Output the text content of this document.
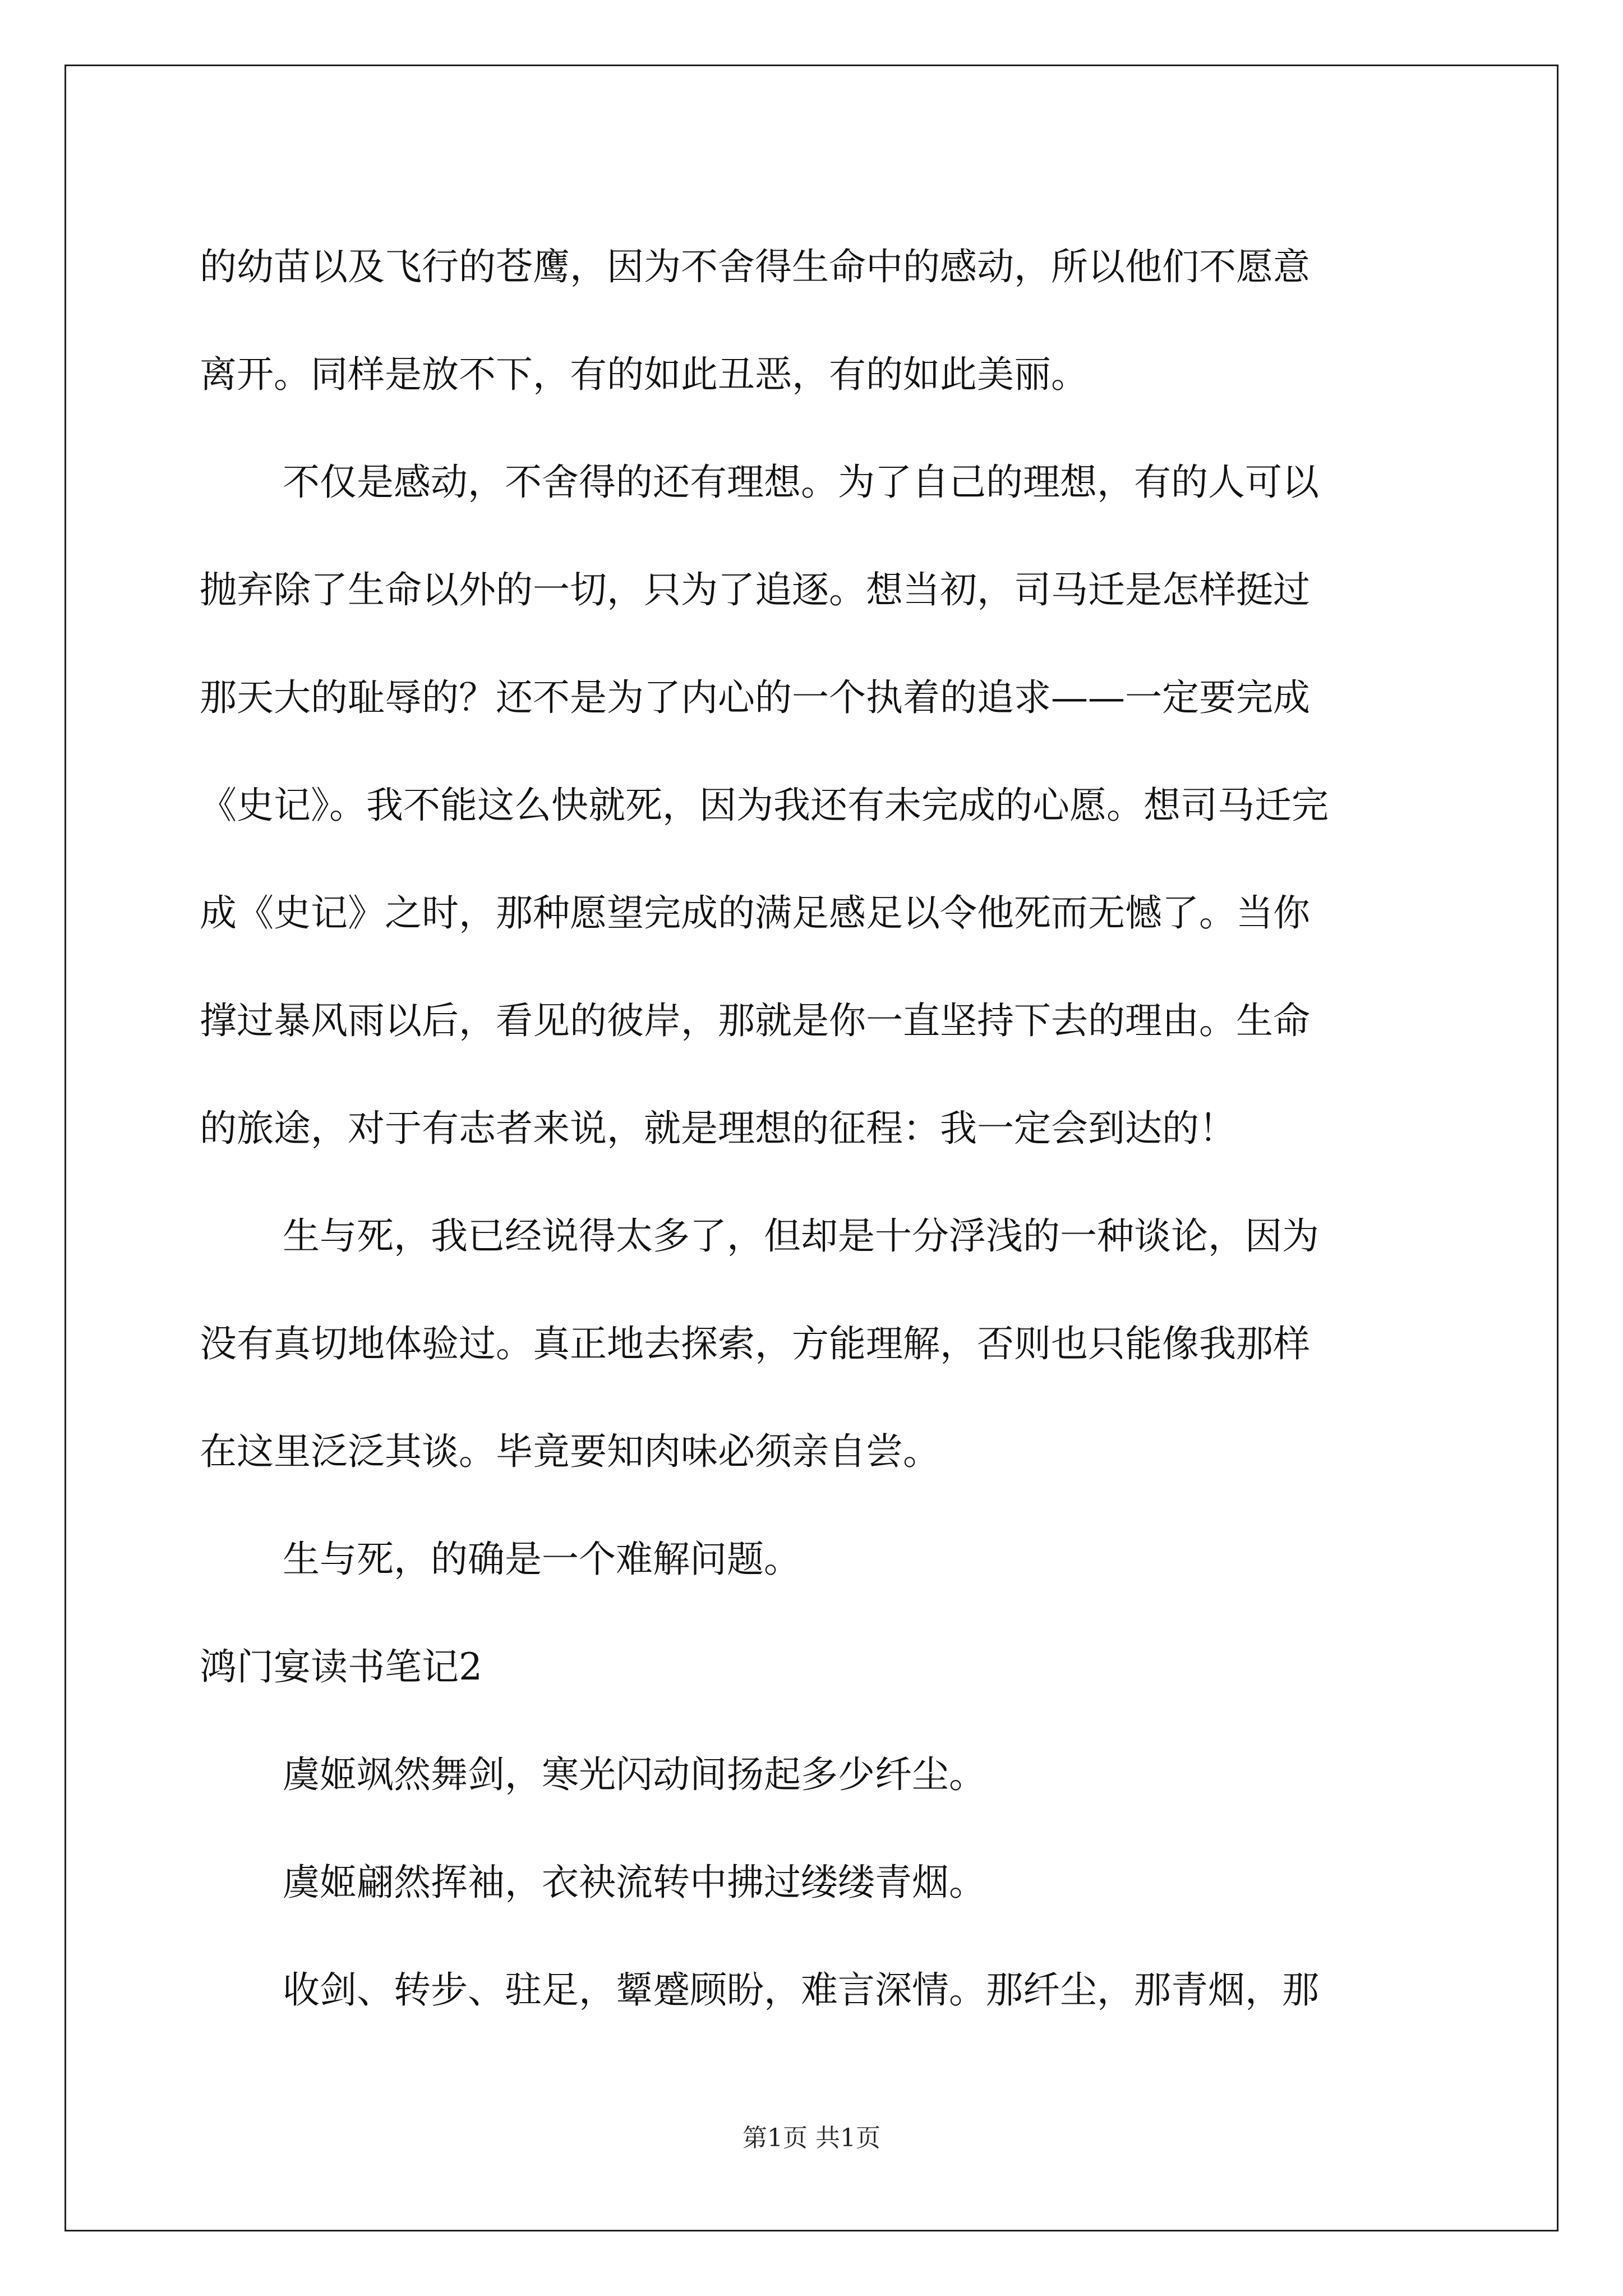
的幼苗以及飞行的苍鹰，因为不舍得生命中的感动，所以他们不愿意
离开。同样是放不下，有的如此丑恶，有的如此美丽。
不仅是感动，不舍得的还有理想。为了自己的理想，有的人可以
抛弃除了生命以外的一切，只为了追逐。想当初，司马迁是怎样挺过
那天大的耻辱的？还不是为了内心的一个执着的追求——一定要完成
《史记》。我不能这么快就死，因为我还有未完成的心愿。想司马迁完
成《史记》之时，那种愿望完成的满足感足以令他死而无憾了。当你
撑过暴风雨以后，看见的彼岸，那就是你一直坚持下去的理由。生命
的旅途，对于有志者来说，就是理想的征程：我一定会到达的！
生与死，我已经说得太多了，但却是十分浮浅的一种谈论，因为
没有真切地体验过。真正地去探索，方能理解，否则也只能像我那样
在这里泛泛其谈。毕竟要知肉味必须亲自尝。
生与死，的确是一个难解问题。
鸿门宴读书笔记2
虞姬飒然舞剑，寒光闪动间扬起多少纤尘。
虞姬翩然挥袖，衣袂流转中拂过缕缕青烟。
收剑、转步、驻足，颦蹙顾盼，难言深情。那纤尘，那青烟，那
第1页 共1页
